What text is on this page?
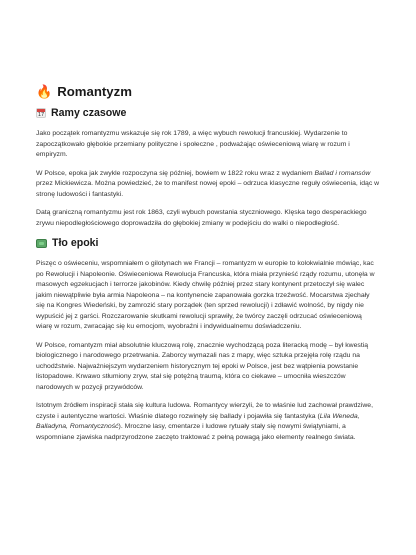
🔥 Romantyzm
17
Ramy czasowe

Jako początek romantyzmu wskazuje się rok 1789, a więc wybuch rewolucji francuskiej. Wydarzenie to zapoczątkowało głębokie przemiany polityczne i społeczne , podważając oświeceniową wiarę w rozum i empiryzm.

W Polsce, epoka jak zwykle rozpoczyna się później, bowiem w 1822 roku wraz z wydaniem Ballad i romansów przez Mickiewicza. Można powiedzieć, że to manifest nowej epoki – odrzuca klasyczne reguły oświecenia, idąc w stronę ludowości i fantastyki.

Datą graniczną romantyzmu jest rok 1863, czyli wybuch powstania styczniowego. Klęska tego desperackiego zrywu niepodległościowego doprowadziła do głębokiej zmiany w podejściu do walki o niepodległość.

Tło epoki

Piszęc o oświeceniu, wspomniałem o gilotynach we Francji – romantyzm w europie to kolokwialnie mówiąc, kac po Rewolucji i Napoleonie. Oświeceniowa Rewolucja Francuska, która miała przynieść rządy rozumu, utonęła w masowych egzekucjach i terrorze jakobinów. Kiedy chwilę później przez stary kontynent przetoczył się walec jakim niewątpliwie była armia Napoleona – na kontynencie zapanowała gorzka trzeźwość. Mocarstwa zjechały się na Kongres Wiedeński, by zamrozić stary porządek (ten sprzed rewolucji) i zdławić wolność, by nigdy nie wypuścić jej z garści. Rozczarowanie skutkami rewolucji sprawiły, że twórcy zaczęli odrzucać oświeceniową wiarę w rozum, zwracając się ku emocjom, wyobraźni i indywidualnemu doświadczeniu.

W Polsce, romantyzm miał absolutnie kluczową rolę, znacznie wychodzącą poza literacką modę – był kwestią biologicznego i narodowego przetrwania. Zaborcy wymazali nas z mapy, więc sztuka przejęła rolę rządu na uchodźstwie. Najważniejszym wydarzeniem historycznym tej epoki w Polsce, jest bez wątpienia powstanie listopadowe. Krwawo stłumiony zryw, stał się potężną traumą, która co ciekawe – umocniła wieszczów narodowych w pozycji przywódców.

Istotnym źródłem inspiracji stała się kultura ludowa. Romantycy wierzyli, że to właśnie lud zachował prawdziwe, czyste i autentyczne wartości. Właśnie dlatego rozwinęły się ballady i pojawiła się fantastyka (Lila Weneda, Balladyna, Romantyczność). Mroczne lasy, cmentarze i ludowe rytuały stały się nowymi świątyniami, a wspomniane zjawiska nadprzyrodzone zaczęto traktować z pełną powagą jako elementy realnego świata.
